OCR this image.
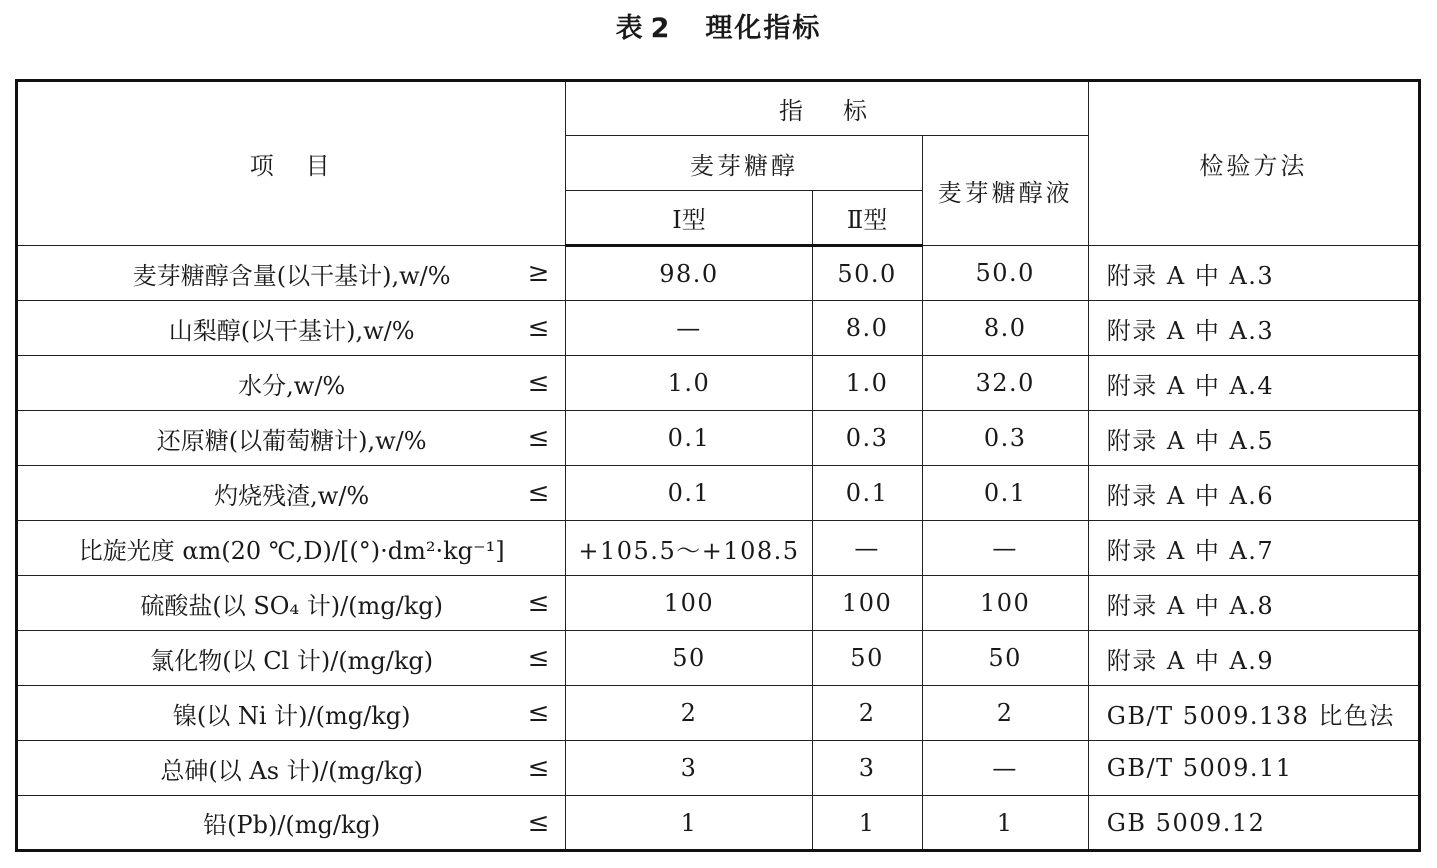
表 2 理化指标
项　目	指　标			检验方法
	麦芽糖醇		麦芽糖醇液	
	Ⅰ型	Ⅱ型		
麦芽糖醇含量(以干基计),w/% ≥	98.0	50.0	50.0	附录 A 中 A.3
山梨醇(以干基计),w/% ≤	—	8.0	8.0	附录 A 中 A.3
水分,w/% ≤	1.0	1.0	32.0	附录 A 中 A.4
还原糖(以葡萄糖计),w/% ≤	0.1	0.3	0.3	附录 A 中 A.5
灼烧残渣,w/% ≤	0.1	0.1	0.1	附录 A 中 A.6
比旋光度 αm(20 ℃,D)/[(°)·dm²·kg⁻¹]	+105.5～+108.5	—	—	附录 A 中 A.7
硫酸盐(以 SO₄ 计)/(mg/kg) ≤	100	100	100	附录 A 中 A.8
氯化物(以 Cl 计)/(mg/kg) ≤	50	50	50	附录 A 中 A.9
镍(以 Ni 计)/(mg/kg) ≤	2	2	2	GB/T 5009.138 比色法
总砷(以 As 计)/(mg/kg) ≤	3	3	—	GB/T 5009.11
铅(Pb)/(mg/kg) ≤	1	1	1	GB 5009.12
